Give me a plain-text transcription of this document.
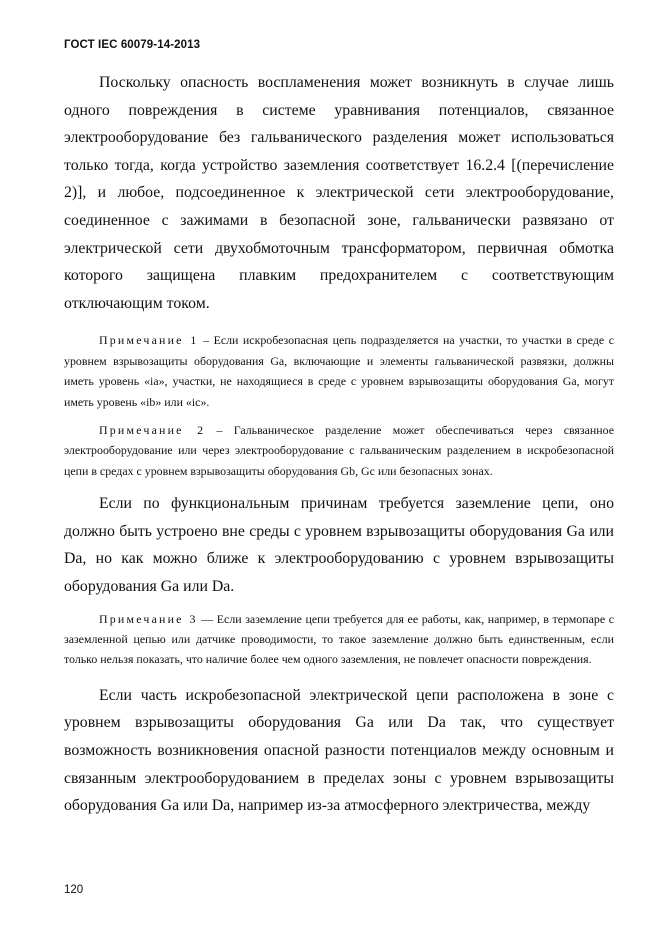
ГОСТ IEC 60079-14-2013

Поскольку опасность воспламенения может возникнуть в случае лишь одного повреждения в системе уравнивания потенциалов, связанное электрооборудование без гальванического разделения может использоваться только тогда, когда устройство заземления соответствует 16.2.4 [(перечисление 2)], и любое, подсоединенное к электрической сети электрооборудование, соединенное с зажимами в безопасной зоне, гальванически развязано от электрической сети двухобмоточным трансформатором, первичная обмотка которого защищена плавким предохранителем с соответствующим отключающим током.

Примечание 1 – Если искробезопасная цепь подразделяется на участки, то участки в среде с уровнем взрывозащиты оборудования Ga, включающие и элементы гальванической развязки, должны иметь уровень «ia», участки, не находящиеся в среде с уровнем взрывозащиты оборудования Ga, могут иметь уровень «ib» или «ic».

Примечание 2 – Гальваническое разделение может обеспечиваться через связанное электрооборудование или через электрооборудование с гальваническим разделением в искробезопасной цепи в средах с уровнем взрывозащиты оборудования Gb, Gc или безопасных зонах.

Если по функциональным причинам требуется заземление цепи, оно должно быть устроено вне среды с уровнем взрывозащиты оборудования Ga или Da, но как можно ближе к электрооборудованию с уровнем взрывозащиты оборудования Ga или Da.

Примечание 3 — Если заземление цепи требуется для ее работы, как, например, в термопаре с заземленной цепью или датчике проводимости, то такое заземление должно быть единственным, если только нельзя показать, что наличие более чем одного заземления, не повлечет опасности повреждения.

Если часть искробезопасной электрической цепи расположена в зоне с уровнем взрывозащиты оборудования Ga или Da так, что существует возможность возникновения опасной разности потенциалов между основным и связанным электрооборудованием в пределах зоны с уровнем взрывозащиты оборудования Ga или Da, например из-за атмосферного электричества, между

120
